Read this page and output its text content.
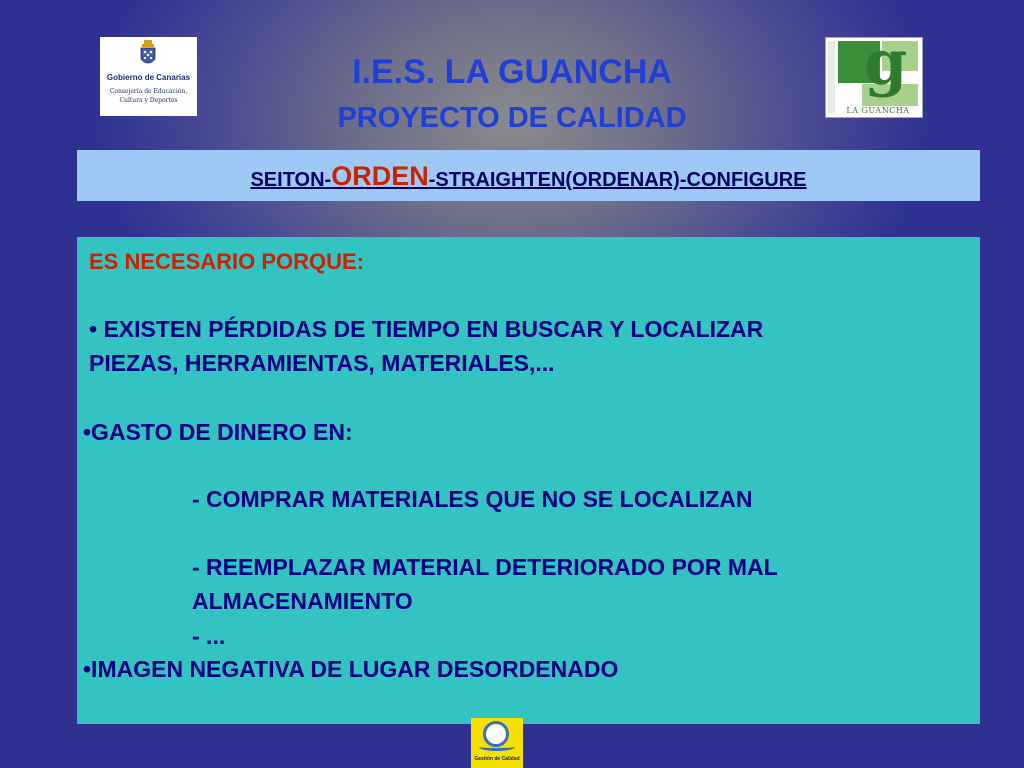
Gobierno de Canarias
Consejería de Educación,
Cultura y Deportes
I.E.S. LA GUANCHA
PROYECTO DE CALIDAD
g
LA GUANCHA
SEITON- ORDEN -STRAIGHTEN(ORDENAR)-CONFIGURE
ES NECESARIO PORQUE:
• EXISTEN PÉRDIDAS DE TIEMPO EN BUSCAR Y LOCALIZAR
PIEZAS, HERRAMIENTAS, MATERIALES,...
•GASTO DE DINERO EN:
- COMPRAR MATERIALES QUE NO SE LOCALIZAN
- REEMPLAZAR MATERIAL DETERIORADO POR MAL
ALMACENAMIENTO
- ...
•IMAGEN NEGATIVA DE LUGAR DESORDENADO
Gestión de Calidad
